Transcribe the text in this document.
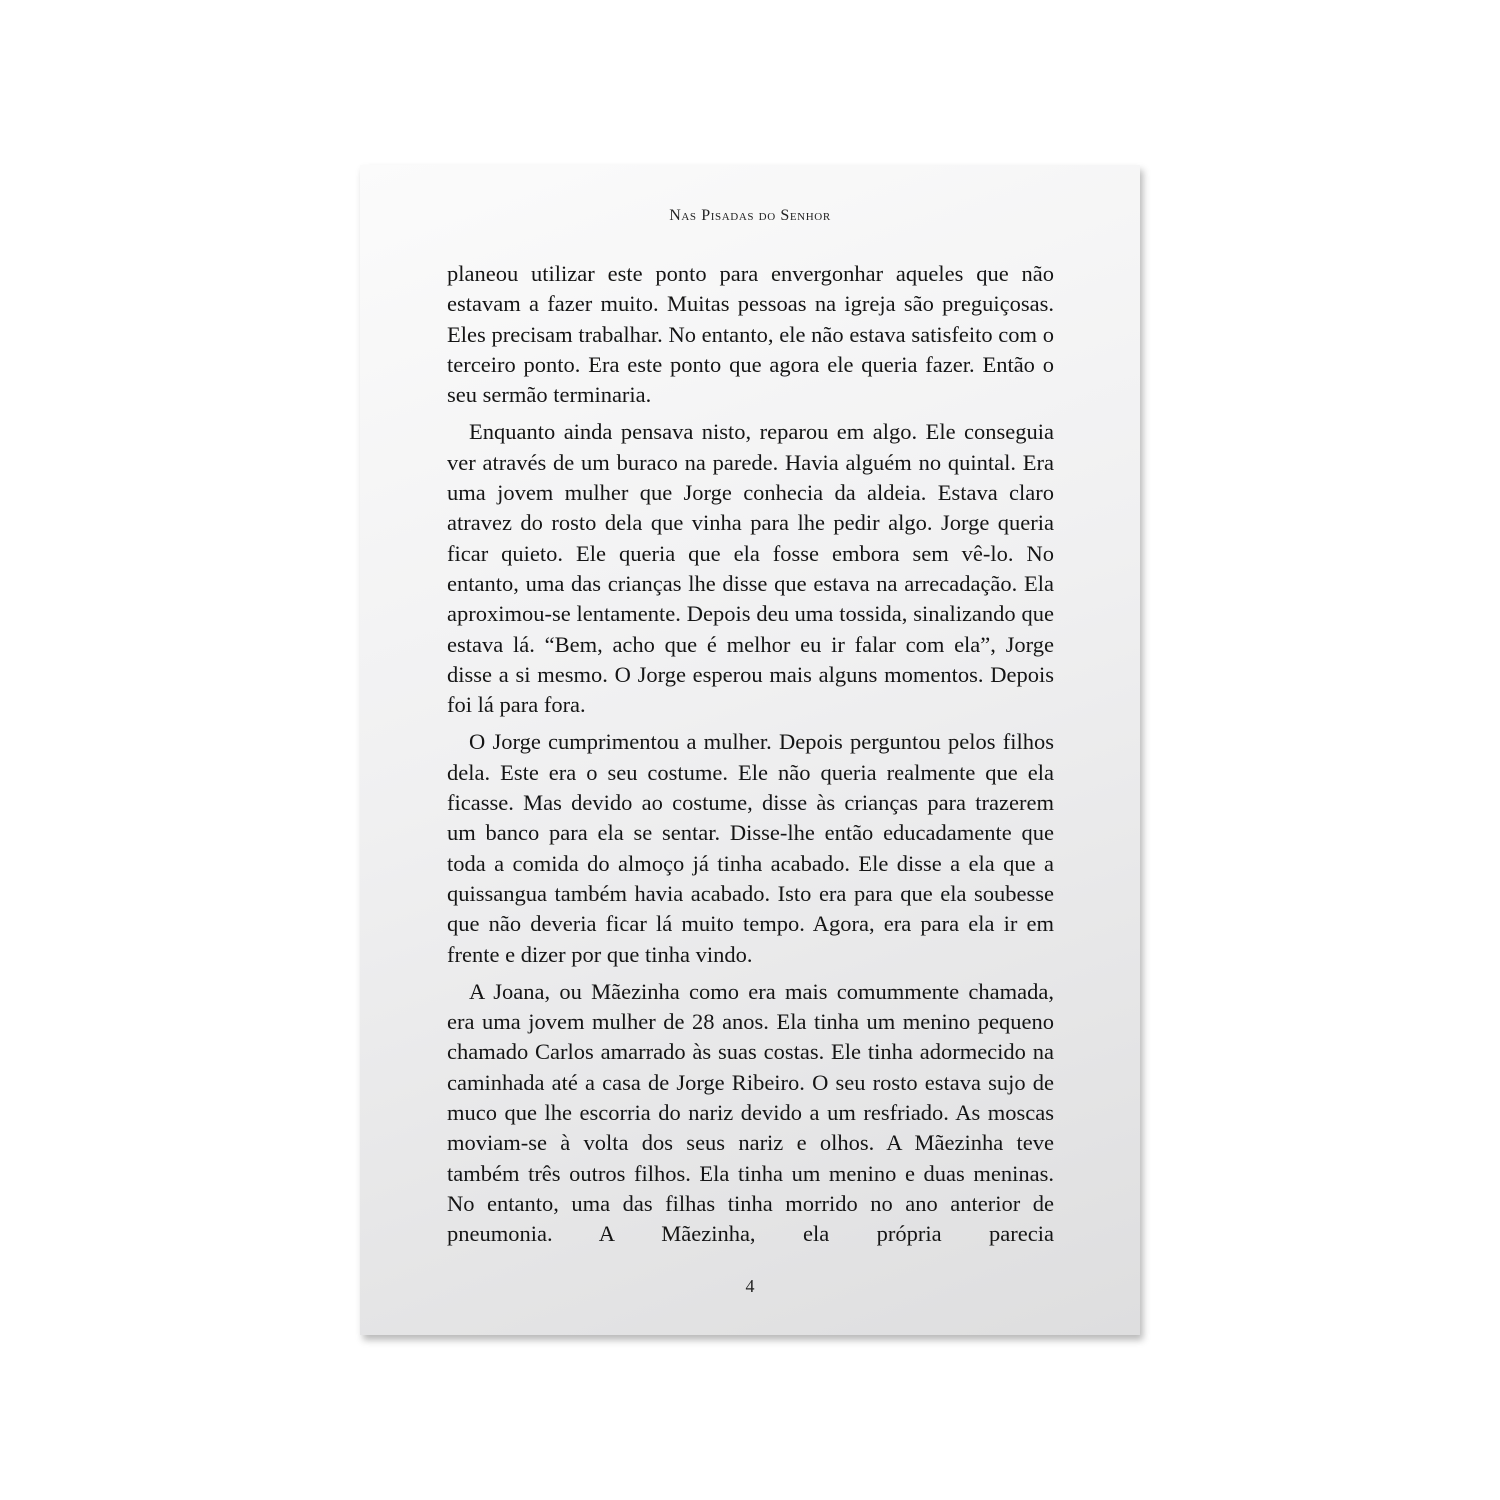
Nas Pisadas do Senhor

planeou utilizar este ponto para envergonhar aqueles que não estavam a fazer muito. Muitas pessoas na igreja são preguiçosas. Eles precisam trabalhar. No entanto, ele não estava satisfeito com o terceiro ponto. Era este ponto que agora ele queria fazer. Então o seu sermão terminaria.

Enquanto ainda pensava nisto, reparou em algo. Ele conseguia ver através de um buraco na parede. Havia alguém no quintal. Era uma jovem mulher que Jorge conhecia da aldeia. Estava claro atravez do rosto dela que vinha para lhe pedir algo. Jorge queria ficar quieto. Ele queria que ela fosse embora sem vê-lo. No entanto, uma das crianças lhe disse que estava na arrecadação. Ela aproximou-se lentamente. Depois deu uma tossida, sinalizando que estava lá. “Bem, acho que é melhor eu ir falar com ela”, Jorge disse a si mesmo. O Jorge esperou mais alguns momentos. Depois foi lá para fora.

O Jorge cumprimentou a mulher. Depois perguntou pelos filhos dela. Este era o seu costume. Ele não queria realmente que ela ficasse. Mas devido ao costume, disse às crianças para trazerem um banco para ela se sentar. Disse-lhe então educadamente que toda a comida do almoço já tinha acabado. Ele disse a ela que a quissangua também havia acabado. Isto era para que ela soubesse que não deveria ficar lá muito tempo. Agora, era para ela ir em frente e dizer por que tinha vindo.

A Joana, ou Mãezinha como era mais comummente chamada, era uma jovem mulher de 28 anos. Ela tinha um menino pequeno chamado Carlos amarrado às suas costas. Ele tinha adormecido na caminhada até a casa de Jorge Ribeiro. O seu rosto estava sujo de muco que lhe escorria do nariz devido a um resfriado. As moscas moviam-se à volta dos seus nariz e olhos. A Mãezinha teve também três outros filhos. Ela tinha um menino e duas meninas. No entanto, uma das filhas tinha morrido no ano anterior de pneumonia. A Mãezinha, ela própria parecia

4
